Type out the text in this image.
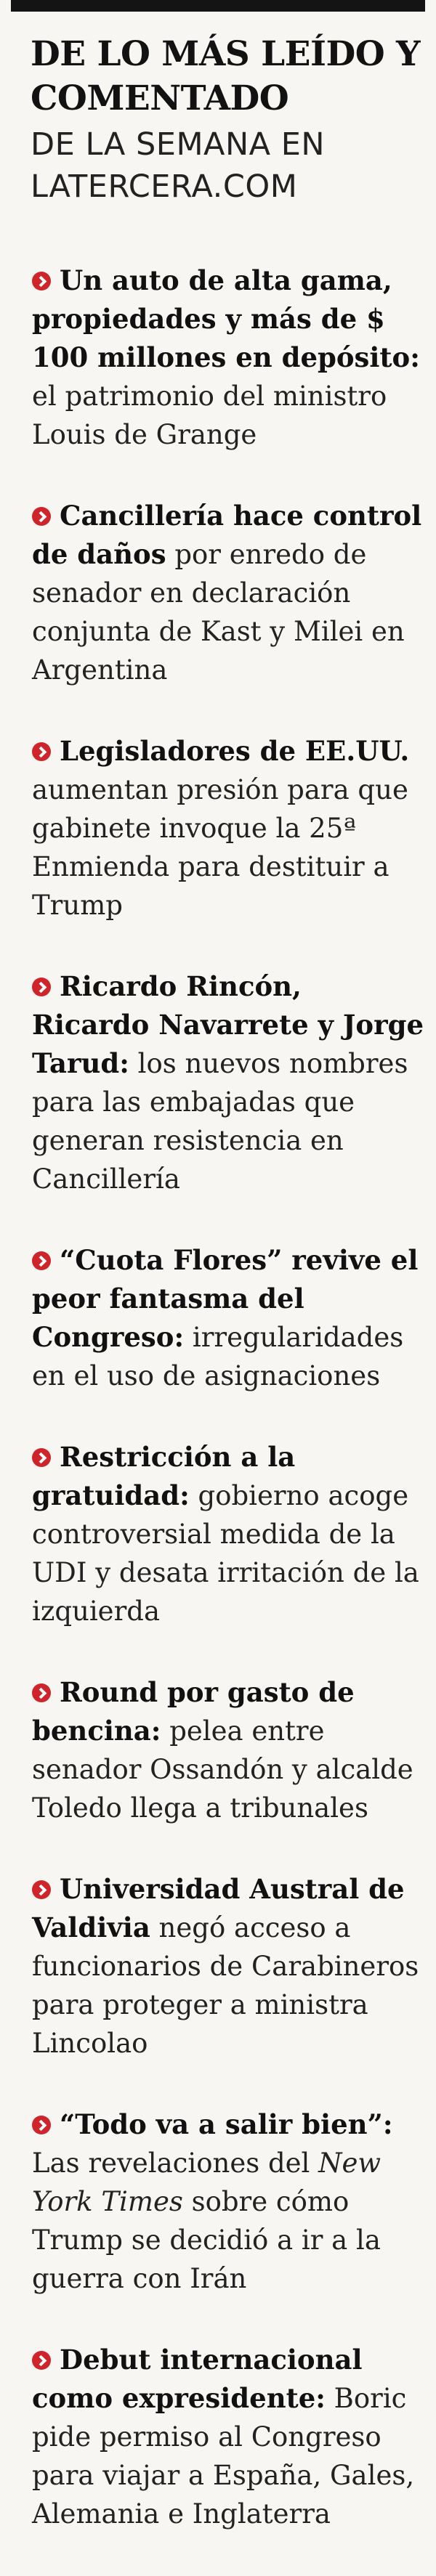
DE LO MÁS LEÍDO Y
COMENTADO
DE LA SEMANA EN
LATERCERA.COM
Un auto de alta gama, propiedades y más de $ 100 millones en depósito: el patrimonio del ministro Louis de Grange
Cancillería hace control de daños por enredo de senador en declaración conjunta de Kast y Milei en Argentina
Legisladores de EE.UU. aumentan presión para que gabinete invoque la 25ª Enmienda para destituir a Trump
Ricardo Rincón, Ricardo Navarrete y Jorge Tarud: los nuevos nombres para las embajadas que generan resistencia en Cancillería
“Cuota Flores” revive el peor fantasma del Congreso: irregularidades en el uso de asignaciones
Restricción a la gratuidad: gobierno acoge controversial medida de la UDI y desata irritación de la izquierda
Round por gasto de bencina: pelea entre senador Ossandón y alcalde Toledo llega a tribunales
Universidad Austral de Valdivia negó acceso a funcionarios de Carabineros para proteger a ministra Lincolao
“Todo va a salir bien”: Las revelaciones del New York Times sobre cómo Trump se decidió a ir a la guerra con Irán
Debut internacional como expresidente: Boric pide permiso al Congreso para viajar a España, Gales, Alemania e Inglaterra
